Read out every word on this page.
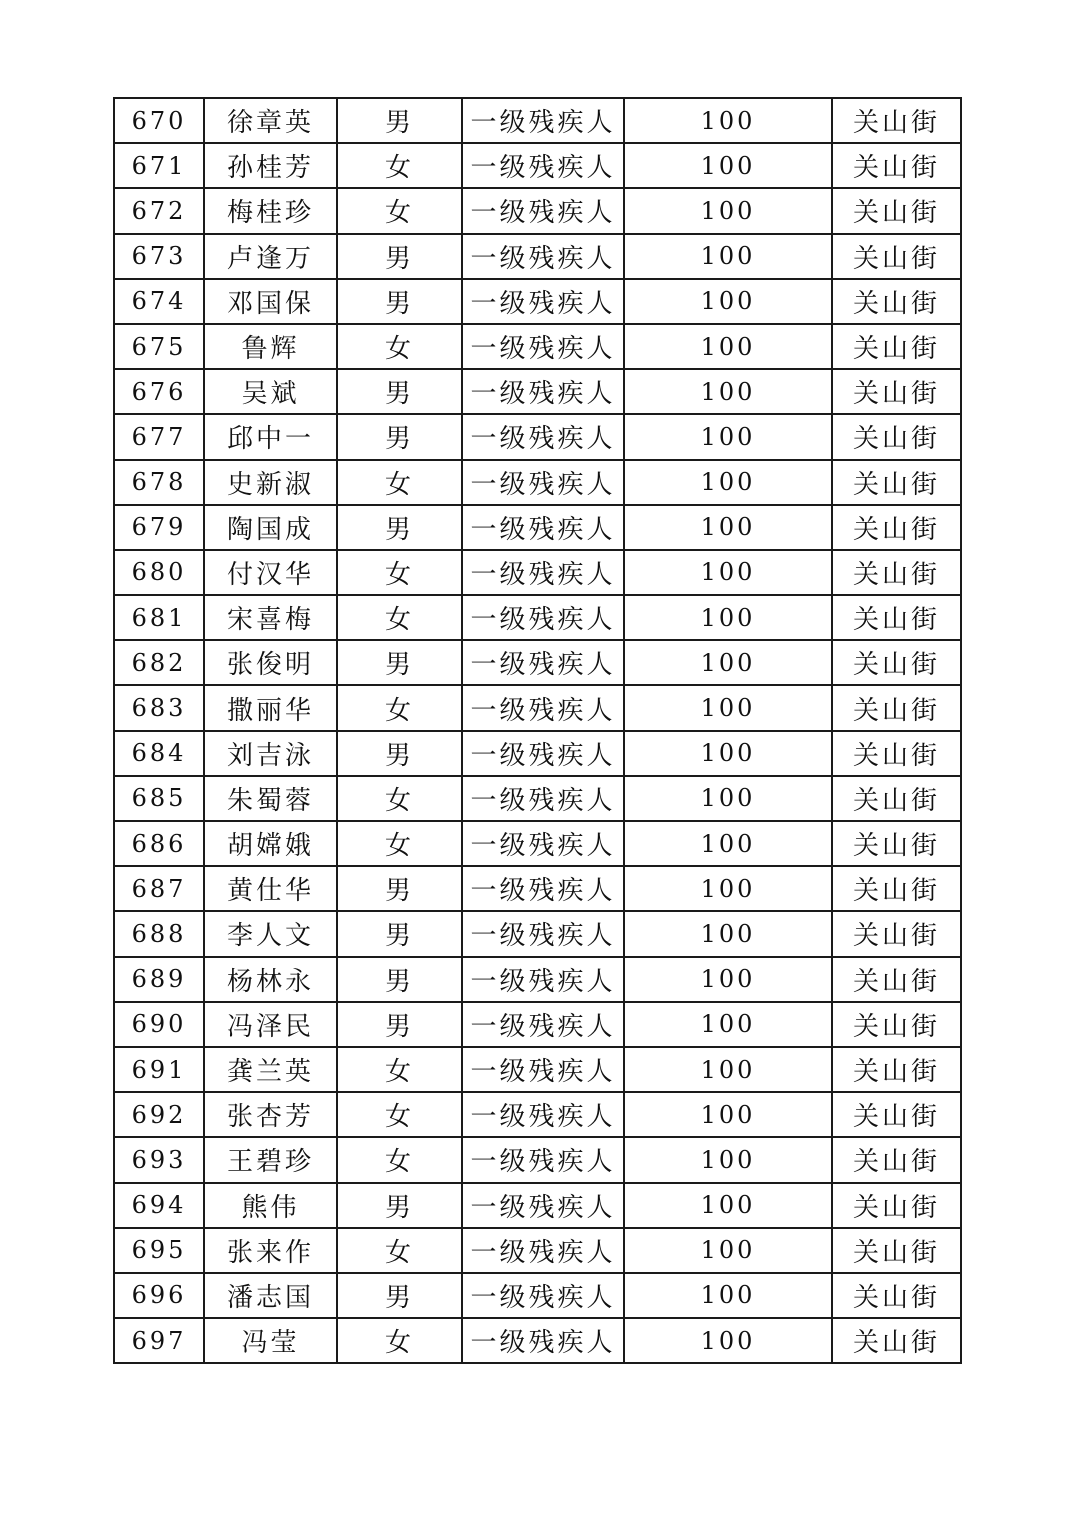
670	徐章英	男	一级残疾人	100	关山街
671	孙桂芳	女	一级残疾人	100	关山街
672	梅桂珍	女	一级残疾人	100	关山街
673	卢逢万	男	一级残疾人	100	关山街
674	邓国保	男	一级残疾人	100	关山街
675	鲁辉	女	一级残疾人	100	关山街
676	吴斌	男	一级残疾人	100	关山街
677	邱中一	男	一级残疾人	100	关山街
678	史新淑	女	一级残疾人	100	关山街
679	陶国成	男	一级残疾人	100	关山街
680	付汉华	女	一级残疾人	100	关山街
681	宋喜梅	女	一级残疾人	100	关山街
682	张俊明	男	一级残疾人	100	关山街
683	撒丽华	女	一级残疾人	100	关山街
684	刘吉泳	男	一级残疾人	100	关山街
685	朱蜀蓉	女	一级残疾人	100	关山街
686	胡嫦娥	女	一级残疾人	100	关山街
687	黄仕华	男	一级残疾人	100	关山街
688	李人文	男	一级残疾人	100	关山街
689	杨林永	男	一级残疾人	100	关山街
690	冯泽民	男	一级残疾人	100	关山街
691	龚兰英	女	一级残疾人	100	关山街
692	张杏芳	女	一级残疾人	100	关山街
693	王碧珍	女	一级残疾人	100	关山街
694	熊伟	男	一级残疾人	100	关山街
695	张来作	女	一级残疾人	100	关山街
696	潘志国	男	一级残疾人	100	关山街
697	冯莹	女	一级残疾人	100	关山街
